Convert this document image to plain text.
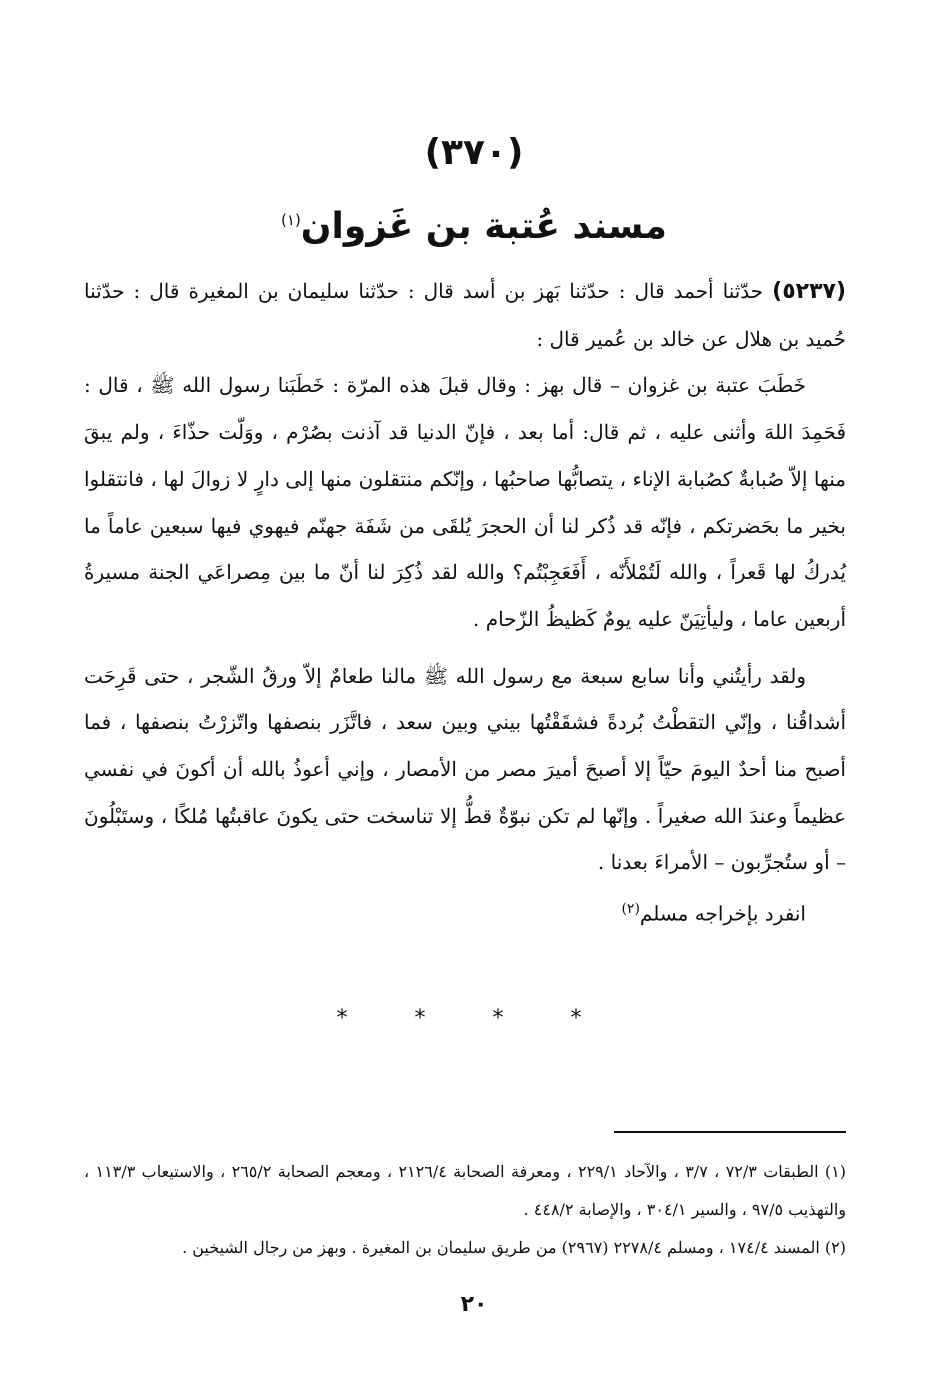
(٣٧٠)
مسند عُتبة بن غَزوان$^{(١)}$

(٥٢٣٧) حدّثنا أحمد قال : حدّثنا بَهز بن أسد قال : حدّثنا سليمان بن المغيرة قال : حدّثنا حُميد بن هلال عن خالد بن عُمير قال :

خَطَبَ عتبة بن غزوان – قال بهز : وقال قبلَ هذه المرّة : خَطَبَنا رسول الله ﷺ ، قال : فَحَمِدَ اللهَ وأثنى عليه ، ثم قال: أما بعد ، فإنّ الدنيا قد آذنت بصُرْم ، ووَلّت حذّاءَ ، ولم يبقَ منها إلاّ صُبابةٌ كصُبابة الإناء ، يتصابُّها صاحبُها ، وإنّكم منتقلون منها إلى دارٍ لا زوالَ لها ، فانتقلوا بخير ما بحَضرتكم ، فإنّه قد ذُكر لنا أن الحجرَ يُلقَى من شَفَة جهنّم فيهوي فيها سبعين عاماً ما يُدركُ لها قَعراً ، والله لَتُمْلأَنّه ، أَفَعَجِبْتُم؟ والله لقد ذُكِرَ لنا أنّ ما بين مِصراعَي الجنة مسيرةُ أربعين عاما ، وليأتِيَنّ عليه يومٌ كَظيظُ الزّحام .

ولقد رأيتُني وأنا سابع سبعة مع رسول الله ﷺ مالنا طعامٌ إلاّ ورقُ الشّجر ، حتى قَرِحَت أشداقُنا ، وإنّي التقطْتُ بُردةً فشقَقْتُها بيني وبين سعد ، فاتَّزَر بنصفها واتّزرْتُ بنصفها ، فما أصبح منا أحدٌ اليومَ حيّاً إلا أصبحَ أميرَ مصر من الأمصار ، وإني أعوذُ بالله أن أكونَ في نفسي عظيماً وعندَ الله صغيراً . وإنّها لم تكن نبوّةٌ قطُّ إلا تناسخت حتى يكونَ عاقبتُها مُلكًا ، وستَبْلُونَ – أو ستُجرِّبون – الأمراءَ بعدنا .

انفرد بإخراجه مسلم$^{(٢)}$

* * * *

(١) الطبقات ٧٢/٣ ، ٣/٧ ، والآحاد ٢٢٩/١ ، ومعرفة الصحابة ٢١٢٦/٤ ، ومعجم الصحابة ٢٦٥/٢ ، والاستيعاب ١١٣/٣ ، والتهذيب ٩٧/٥ ، والسير ٣٠٤/١ ، والإصابة ٤٤٨/٢ .

(٢) المسند ١٧٤/٤ ، ومسلم ٢٢٧٨/٤ (٢٩٦٧) من طريق سليمان بن المغيرة . وبهز من رجال الشيخين .

٢٠
